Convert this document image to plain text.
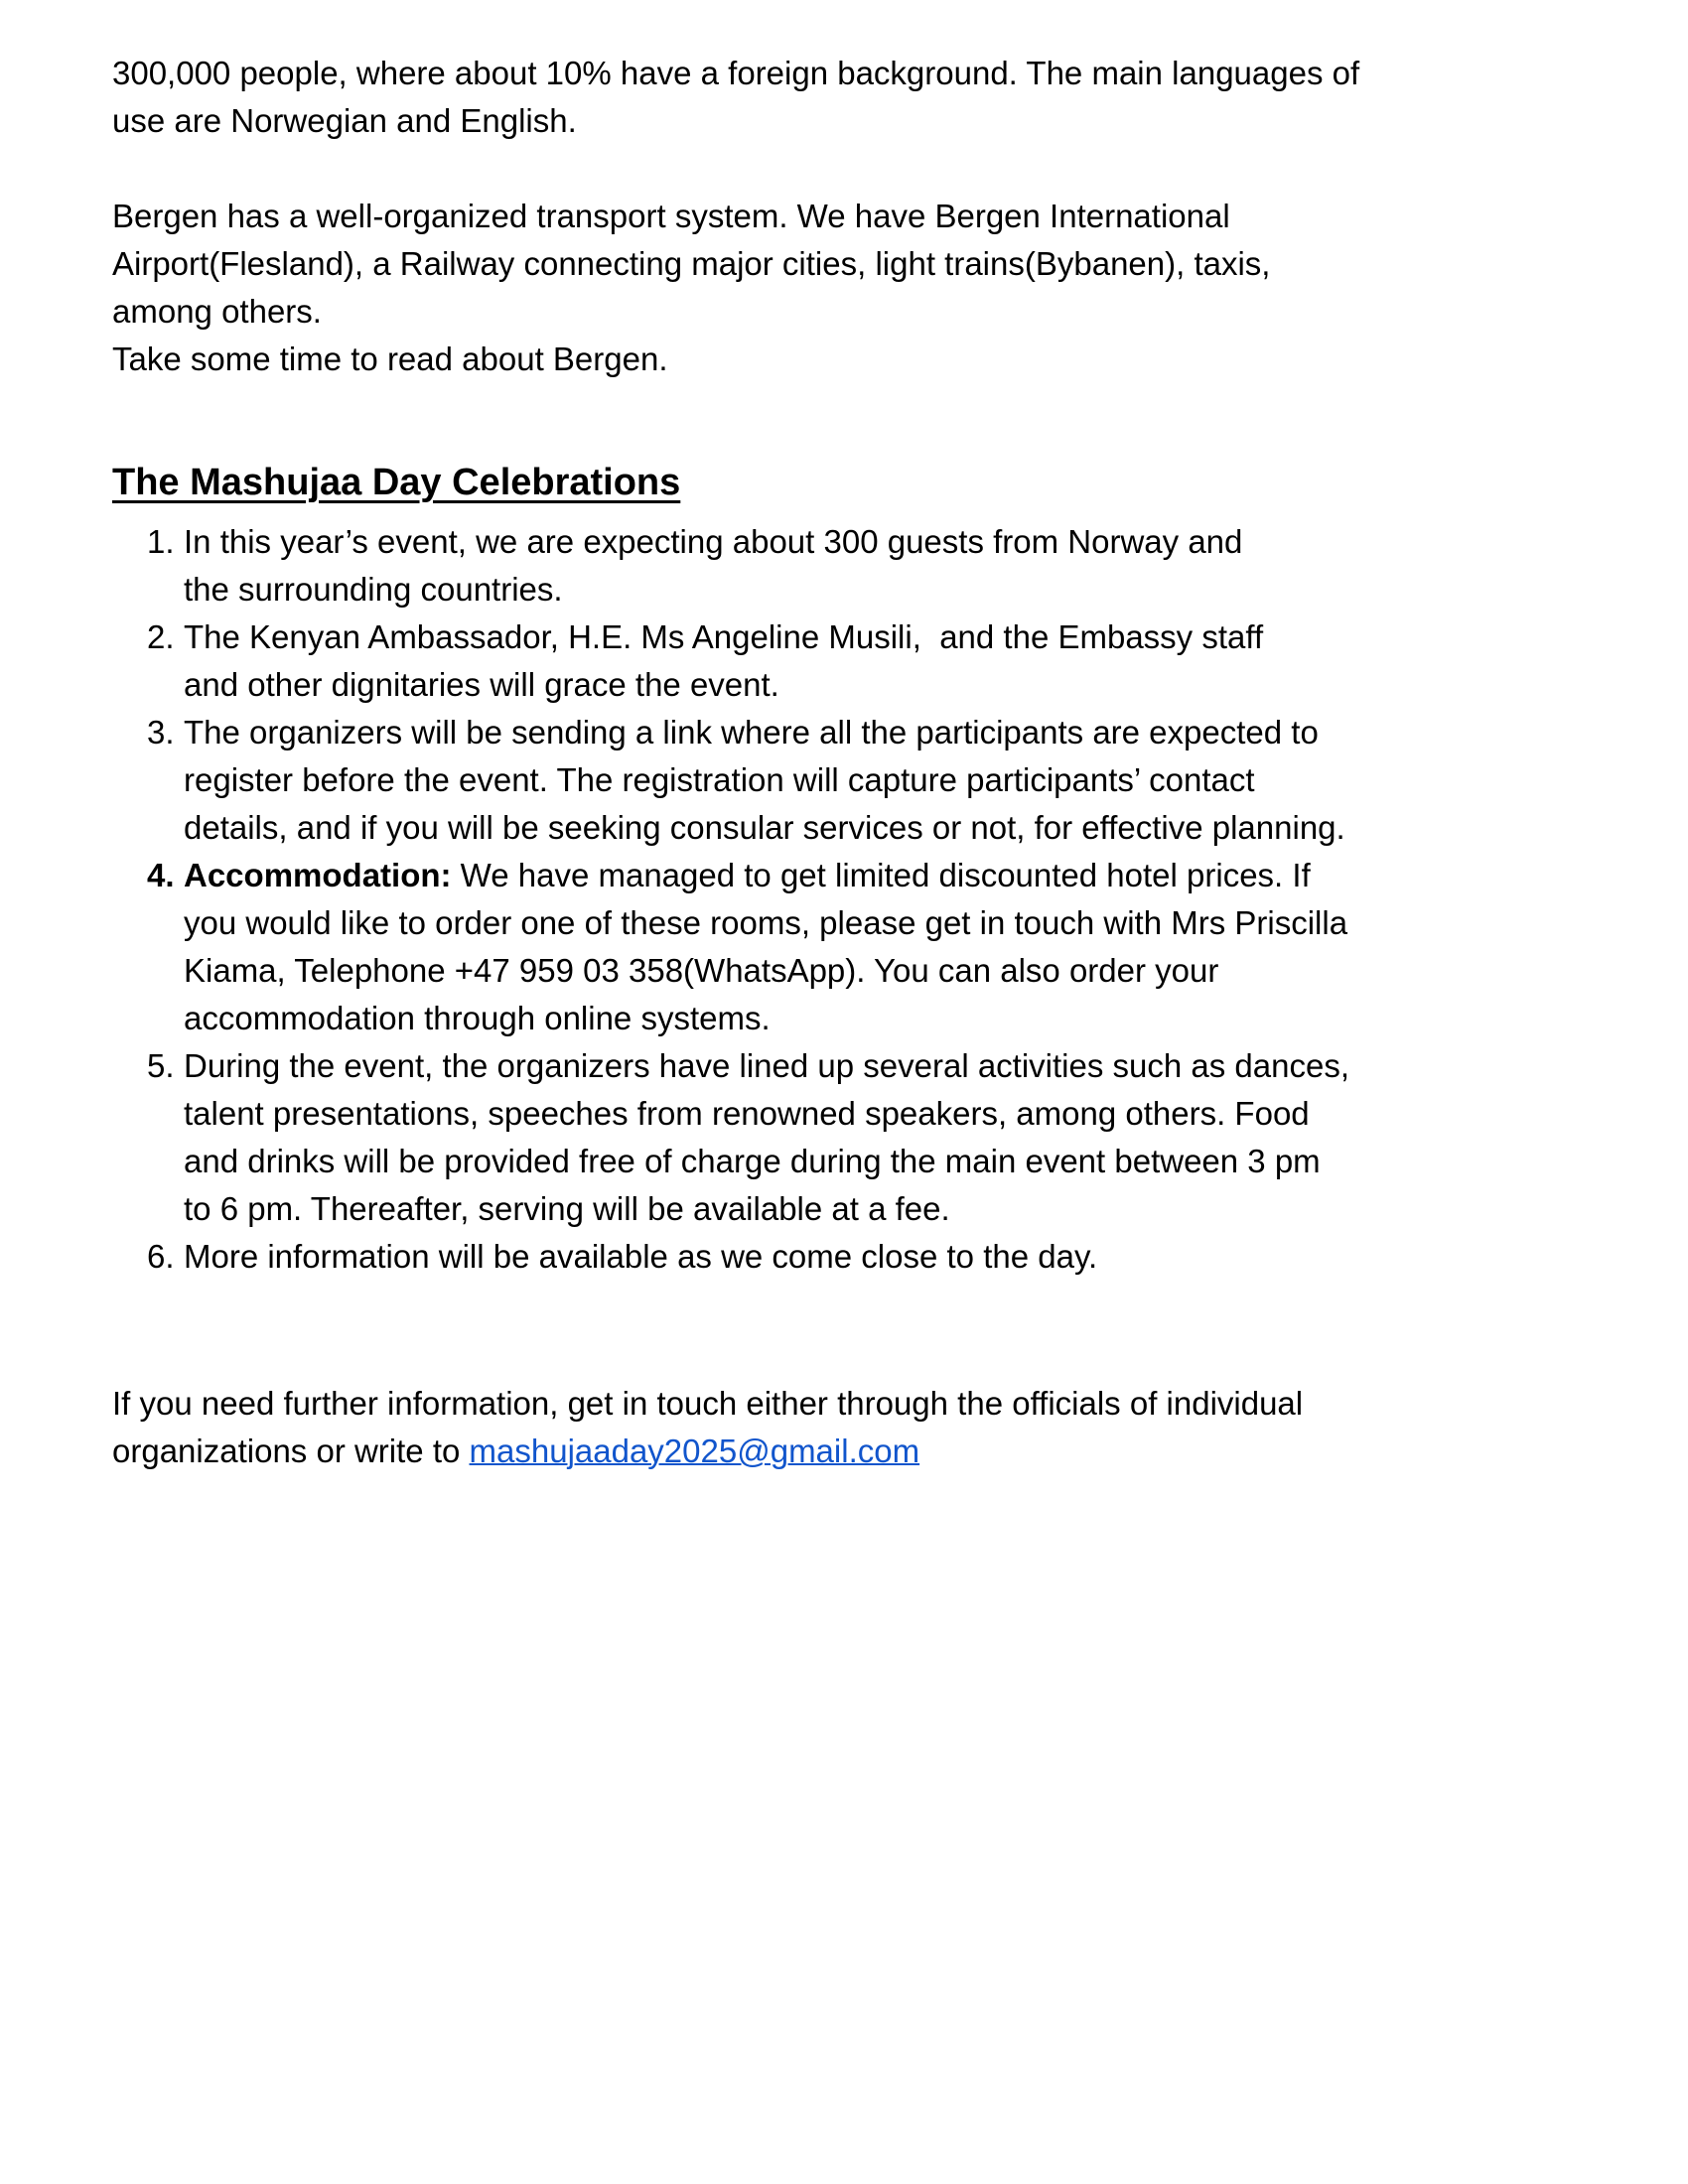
300,000 people, where about 10% have a foreign background. The main languages of
use are Norwegian and English.
Bergen has a well-organized transport system. We have Bergen International
Airport(Flesland), a Railway connecting major cities, light trains(Bybanen), taxis,
among others.
Take some time to read about Bergen.
The Mashujaa Day Celebrations
1. In this year’s event, we are expecting about 300 guests from Norway and
the surrounding countries.
2. The Kenyan Ambassador, H.E. Ms Angeline Musili,  and the Embassy staff
and other dignitaries will grace the event.
3. The organizers will be sending a link where all the participants are expected to
register before the event. The registration will capture participants’ contact
details, and if you will be seeking consular services or not, for effective planning.
4. Accommodation: We have managed to get limited discounted hotel prices. If
you would like to order one of these rooms, please get in touch with Mrs Priscilla
Kiama, Telephone +47 959 03 358(WhatsApp). You can also order your
accommodation through online systems.
5. During the event, the organizers have lined up several activities such as dances,
talent presentations, speeches from renowned speakers, among others. Food
and drinks will be provided free of charge during the main event between 3 pm
to 6 pm. Thereafter, serving will be available at a fee.
6. More information will be available as we come close to the day.
If you need further information, get in touch either through the officials of individual
organizations or write to mashujaaday2025@gmail.com
